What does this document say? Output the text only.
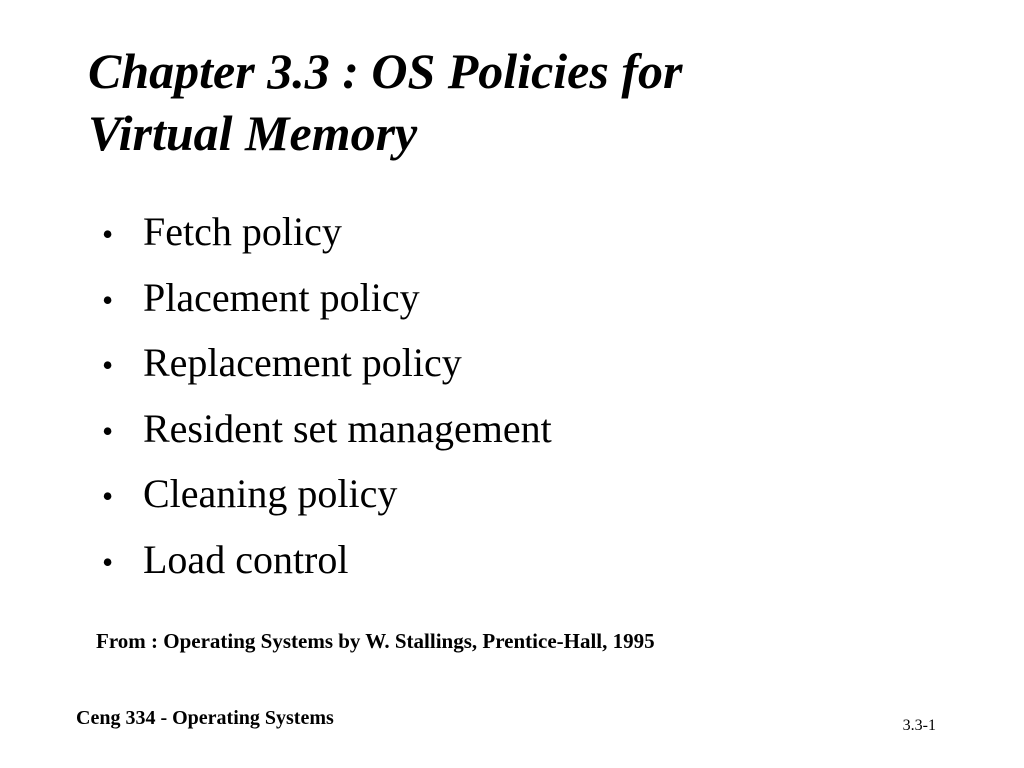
Chapter 3.3 : OS Policies for
Virtual Memory
• Fetch policy
• Placement policy
• Replacement policy
• Resident set management
• Cleaning policy
• Load control
From : Operating Systems by W. Stallings, Prentice-Hall, 1995
Ceng 334 - Operating Systems	3.3-1
